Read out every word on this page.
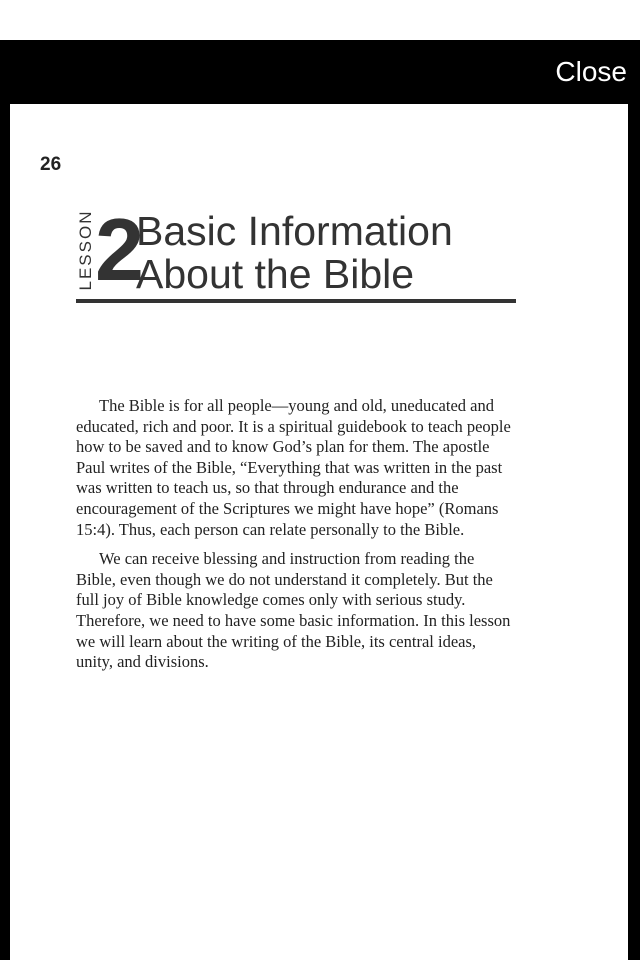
Close
26
LESSON 2
Basic Information
About the Bible

The Bible is for all people—young and old, uneducated and educated, rich and poor. It is a spiritual guidebook to teach people how to be saved and to know God’s plan for them. The apostle Paul writes of the Bible, “Everything that was written in the past was written to teach us, so that through endurance and the encouragement of the Scriptures we might have hope” (Romans 15:4). Thus, each person can relate personally to the Bible.

We can receive blessing and instruction from reading the Bible, even though we do not understand it completely. But the full joy of Bible knowledge comes only with serious study. Therefore, we need to have some basic information. In this lesson we will learn about the writing of the Bible, its central ideas, unity, and divisions.
